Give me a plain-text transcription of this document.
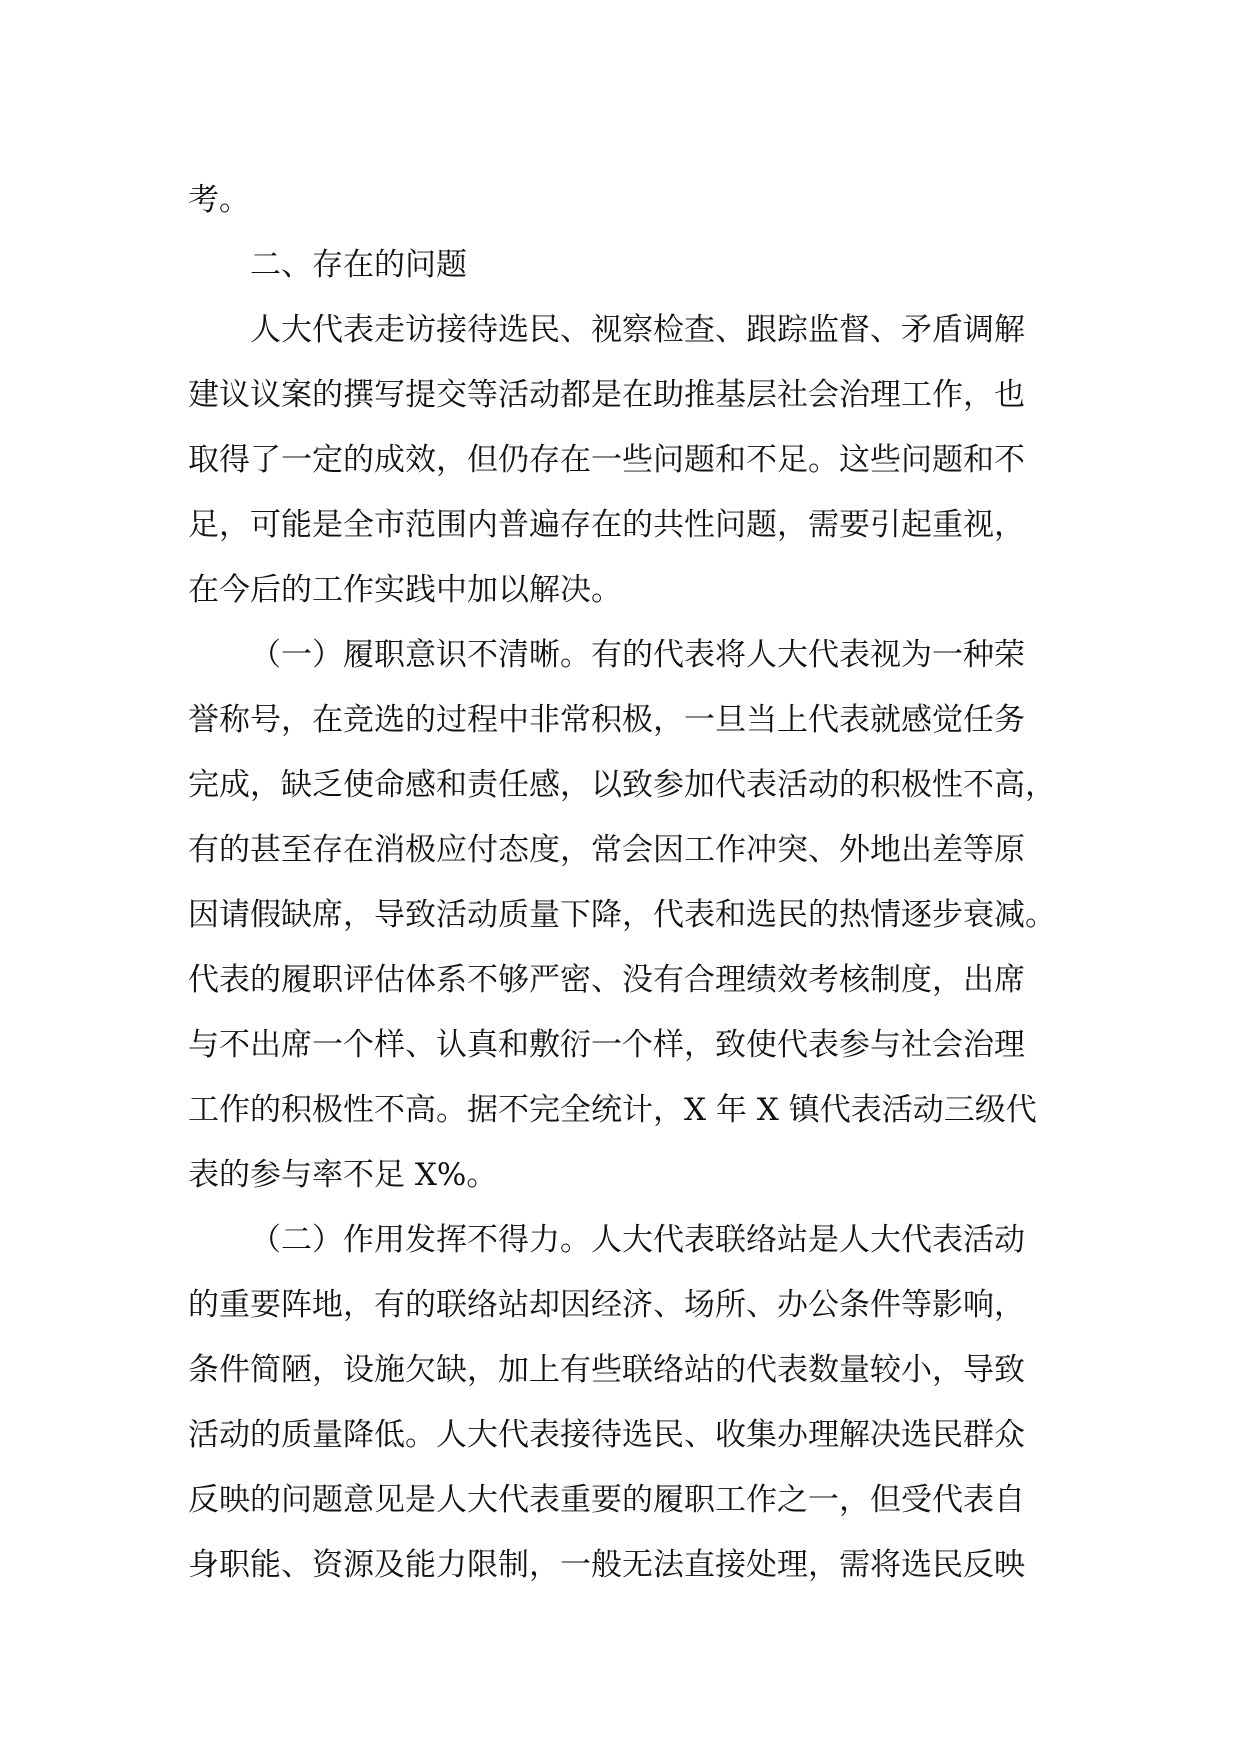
考。
二、存在的问题
人大代表走访接待选民、视察检查、跟踪监督、矛盾调解
建议议案的撰写提交等活动都是在助推基层社会治理工作，也
取得了一定的成效，但仍存在一些问题和不足。这些问题和不
足，可能是全市范围内普遍存在的共性问题，需要引起重视，
在今后的工作实践中加以解决。
（一）履职意识不清晰。有的代表将人大代表视为一种荣
誉称号，在竞选的过程中非常积极，一旦当上代表就感觉任务
完成，缺乏使命感和责任感，以致参加代表活动的积极性不高，
有的甚至存在消极应付态度，常会因工作冲突、外地出差等原
因请假缺席，导致活动质量下降，代表和选民的热情逐步衰减。
代表的履职评估体系不够严密、没有合理绩效考核制度，出席
与不出席一个样、认真和敷衍一个样，致使代表参与社会治理
工作的积极性不高。据不完全统计，X 年 X 镇代表活动三级代
表的参与率不足 X%。
（二）作用发挥不得力。人大代表联络站是人大代表活动
的重要阵地，有的联络站却因经济、场所、办公条件等影响，
条件简陋，设施欠缺，加上有些联络站的代表数量较小，导致
活动的质量降低。人大代表接待选民、收集办理解决选民群众
反映的问题意见是人大代表重要的履职工作之一，但受代表自
身职能、资源及能力限制，一般无法直接处理，需将选民反映
